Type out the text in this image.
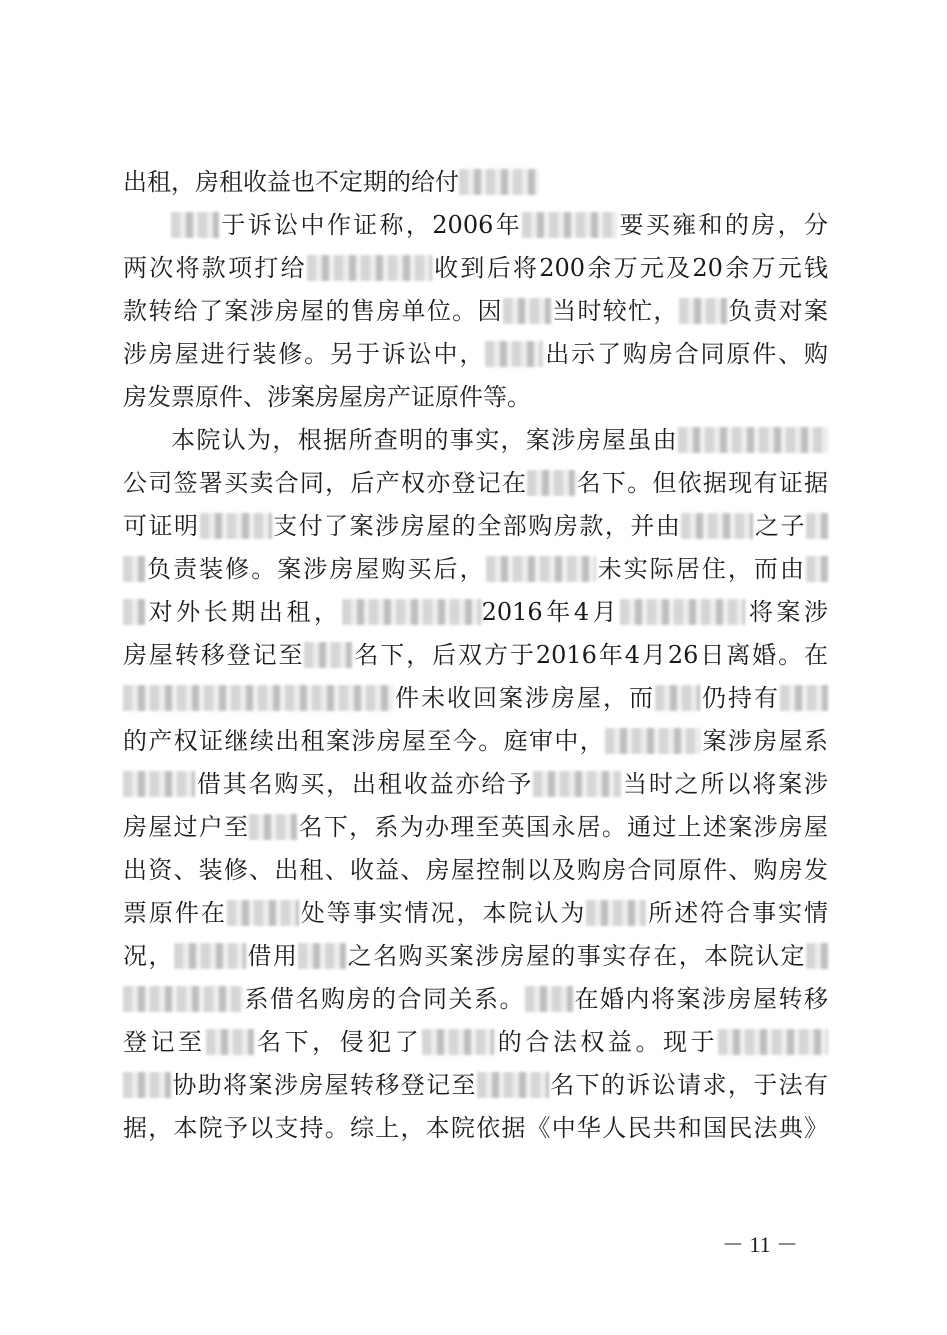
出租，房租收益也不定期的给付
于诉讼中作证称，2006年	要买雍和的房，分
两次将款项打给	收到后将200余万元及20余万元钱
款转给了案涉房屋的售房单位。因 当时较忙， 负责对案
涉房屋进行装修。另于诉讼中， 出示了购房合同原件、购
房发票原件、涉案房屋房产证原件等。
本院认为，根据所查明的事实，案涉房屋虽由
公司签署买卖合同，后产权亦登记在 名下。但依据现有证据
可证明	支付了案涉房屋的全部购房款，并由	之子
负责装修。案涉房屋购买后，	未实际居住，而由
对外长期出租，	2016年4月	将案涉
房屋转移登记至 名下，后双方于2016年4月26日离婚。在
件未收回案涉房屋，而 仍持有
的产权证继续出租案涉房屋至今。庭审中，	案涉房屋系
借其名购买，出租收益亦给予	当时之所以将案涉
房屋过户至 名下，系为办理至英国永居。通过上述案涉房屋
出资、装修、出租、收益、房屋控制以及购房合同原件、购房发
票原件在	处等事实情况，本院认为	所述符合事实情
况，	借用 之名购买案涉房屋的事实存在，本院认定
系借名购房的合同关系。 在婚内将案涉房屋转移
登记至 名下，侵犯了	的合法权益。现于
协助将案涉房屋转移登记至	名下的诉讼请求，于法有
据，本院予以支持。综上，本院依据《中华人民共和国民法典》
－ 11 －
